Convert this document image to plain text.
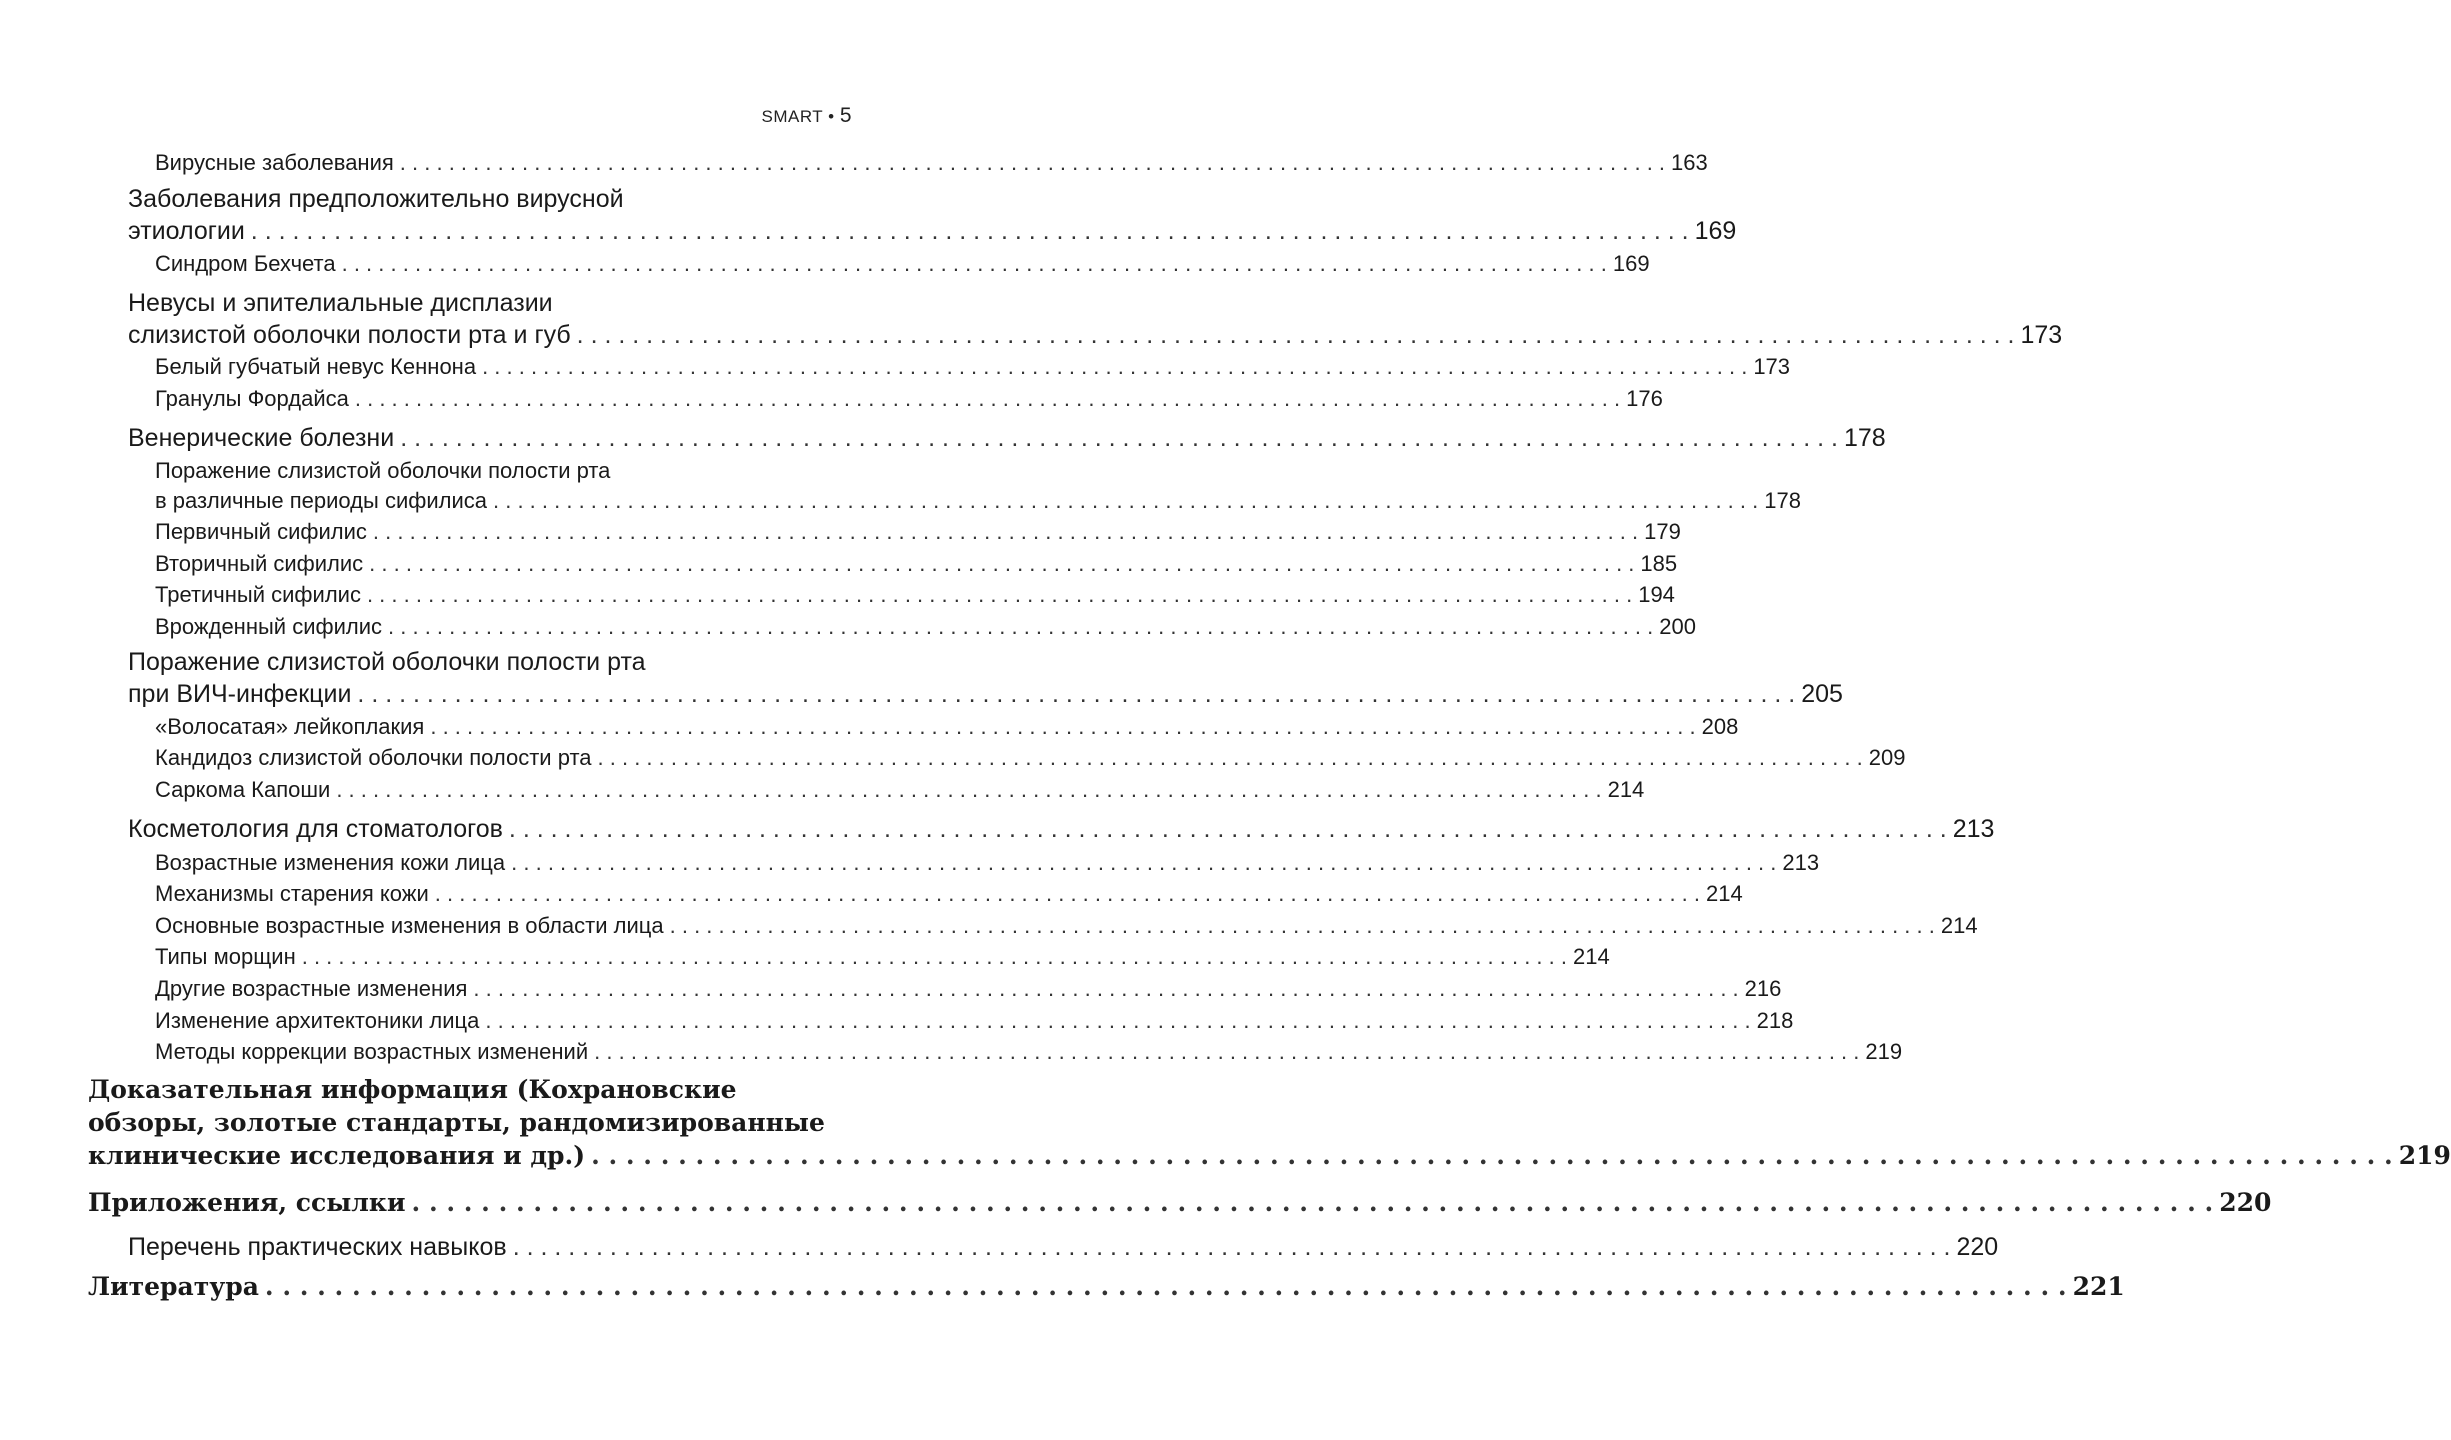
SMART • 5
Вирусные заболевания . . .	163
Заболевания предположительно вирусной
этиологии . . .	169
Синдром Бехчета . . .	169
Невусы и эпителиальные дисплазии
слизистой оболочки полости рта и губ . . .	173
Белый губчатый невус Кеннона . . .	173
Гранулы Фордайса . . .	176
Венерические болезни . . .	178
Поражение слизистой оболочки полости рта
в различные периоды сифилиса . . .	178
Первичный сифилис . . .	179
Вторичный сифилис . . .	185
Третичный сифилис . . .	194
Врожденный сифилис . . .	200
Поражение слизистой оболочки полости рта
при ВИЧ-инфекции . . .	205
«Волосатая» лейкоплакия . . .	208
Кандидоз слизистой оболочки полости рта . . .	209
Саркома Капоши . . .	214
Косметология для стоматологов . . .	213
Возрастные изменения кожи лица . . .	213
Механизмы старения кожи . . .	214
Основные возрастные изменения в области лица . . .	214
Типы морщин . . .	214
Другие возрастные изменения . . .	216
Изменение архитектоники лица . . .	218
Методы коррекции возрастных изменений . . .	219
Доказательная информация (Кохрановские
обзоры, золотые стандарты, рандомизированные
клинические исследования и др.) . . .	219
Приложения, ссылки . . .	220
Перечень практических навыков . . .	220
Литература . . .	221
